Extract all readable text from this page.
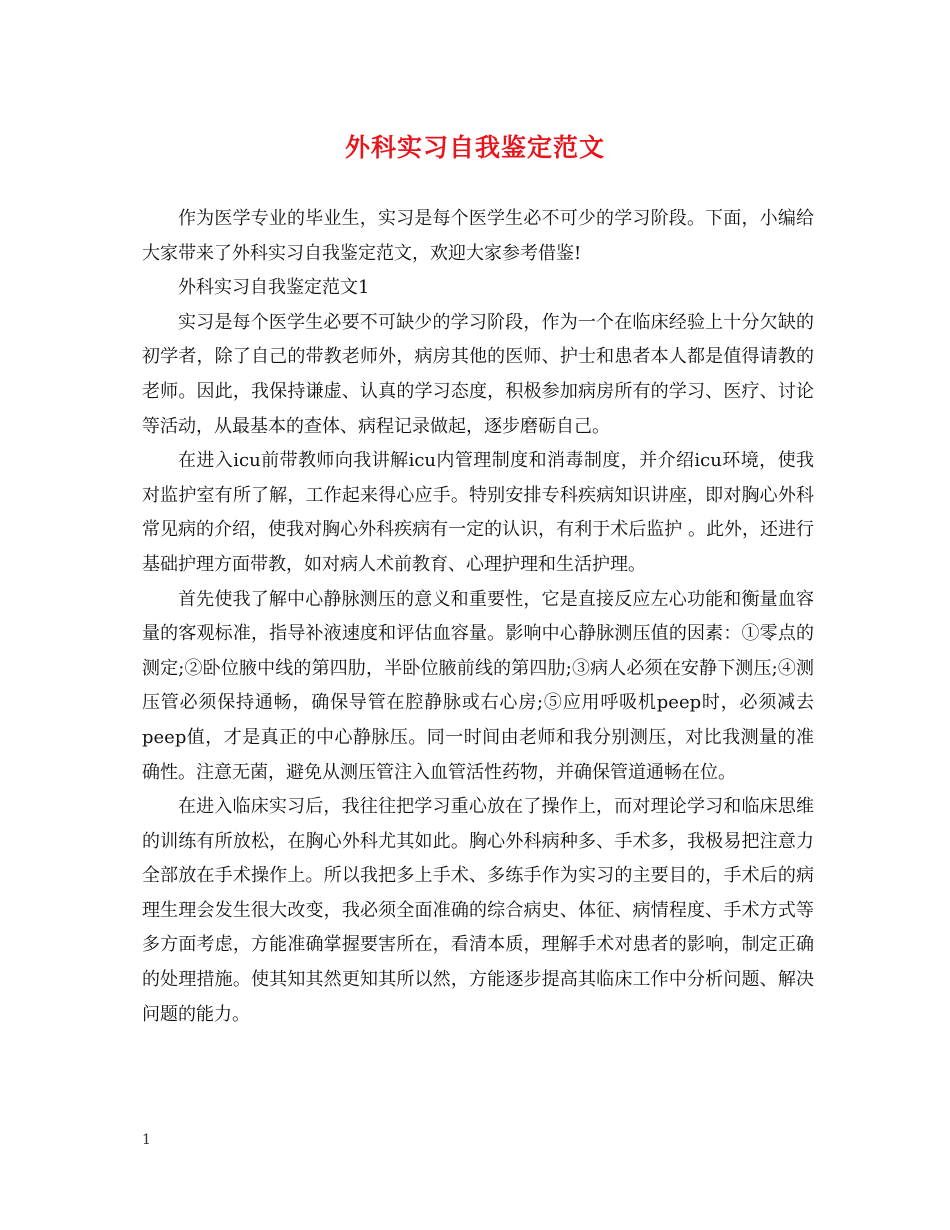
外科实习自我鉴定范文

作为医学专业的毕业生，实习是每个医学生必不可少的学习阶段。下面，小编给大家带来了外科实习自我鉴定范文，欢迎大家参考借鉴!

外科实习自我鉴定范文1

实习是每个医学生必要不可缺少的学习阶段，作为一个在临床经验上十分欠缺的初学者，除了自己的带教老师外，病房其他的医师、护士和患者本人都是值得请教的老师。因此，我保持谦虚、认真的学习态度，积极参加病房所有的学习、医疗、讨论等活动，从最基本的查体、病程记录做起，逐步磨砺自己。

在进入icu前带教师向我讲解icu内管理制度和消毒制度，并介绍icu环境，使我对监护室有所了解，工作起来得心应手。特别安排专科疾病知识讲座，即对胸心外科常见病的介绍，使我对胸心外科疾病有一定的认识，有利于术后监护 。此外，还进行基础护理方面带教，如对病人术前教育、心理护理和生活护理。

首先使我了解中心静脉测压的意义和重要性，它是直接反应左心功能和衡量血容量的客观标准，指导补液速度和评估血容量。影响中心静脉测压值的因素：①零点的测定;②卧位腋中线的第四肋，半卧位腋前线的第四肋;③病人必须在安静下测压;④测压管必须保持通畅，确保导管在腔静脉或右心房;⑤应用呼吸机peep时，必须减去peep值，才是真正的中心静脉压。同一时间由老师和我分别测压，对比我测量的准确性。注意无菌，避免从测压管注入血管活性药物，并确保管道通畅在位。

在进入临床实习后，我往往把学习重心放在了操作上，而对理论学习和临床思维的训练有所放松，在胸心外科尤其如此。胸心外科病种多、手术多，我极易把注意力全部放在手术操作上。所以我把多上手术、多练手作为实习的主要目的，手术后的病理生理会发生很大改变，我必须全面准确的综合病史、体征、病情程度、手术方式等多方面考虑，方能准确掌握要害所在，看清本质，理解手术对患者的影响，制定正确的处理措施。使其知其然更知其所以然，方能逐步提高其临床工作中分析问题、解决问题的能力。

1
